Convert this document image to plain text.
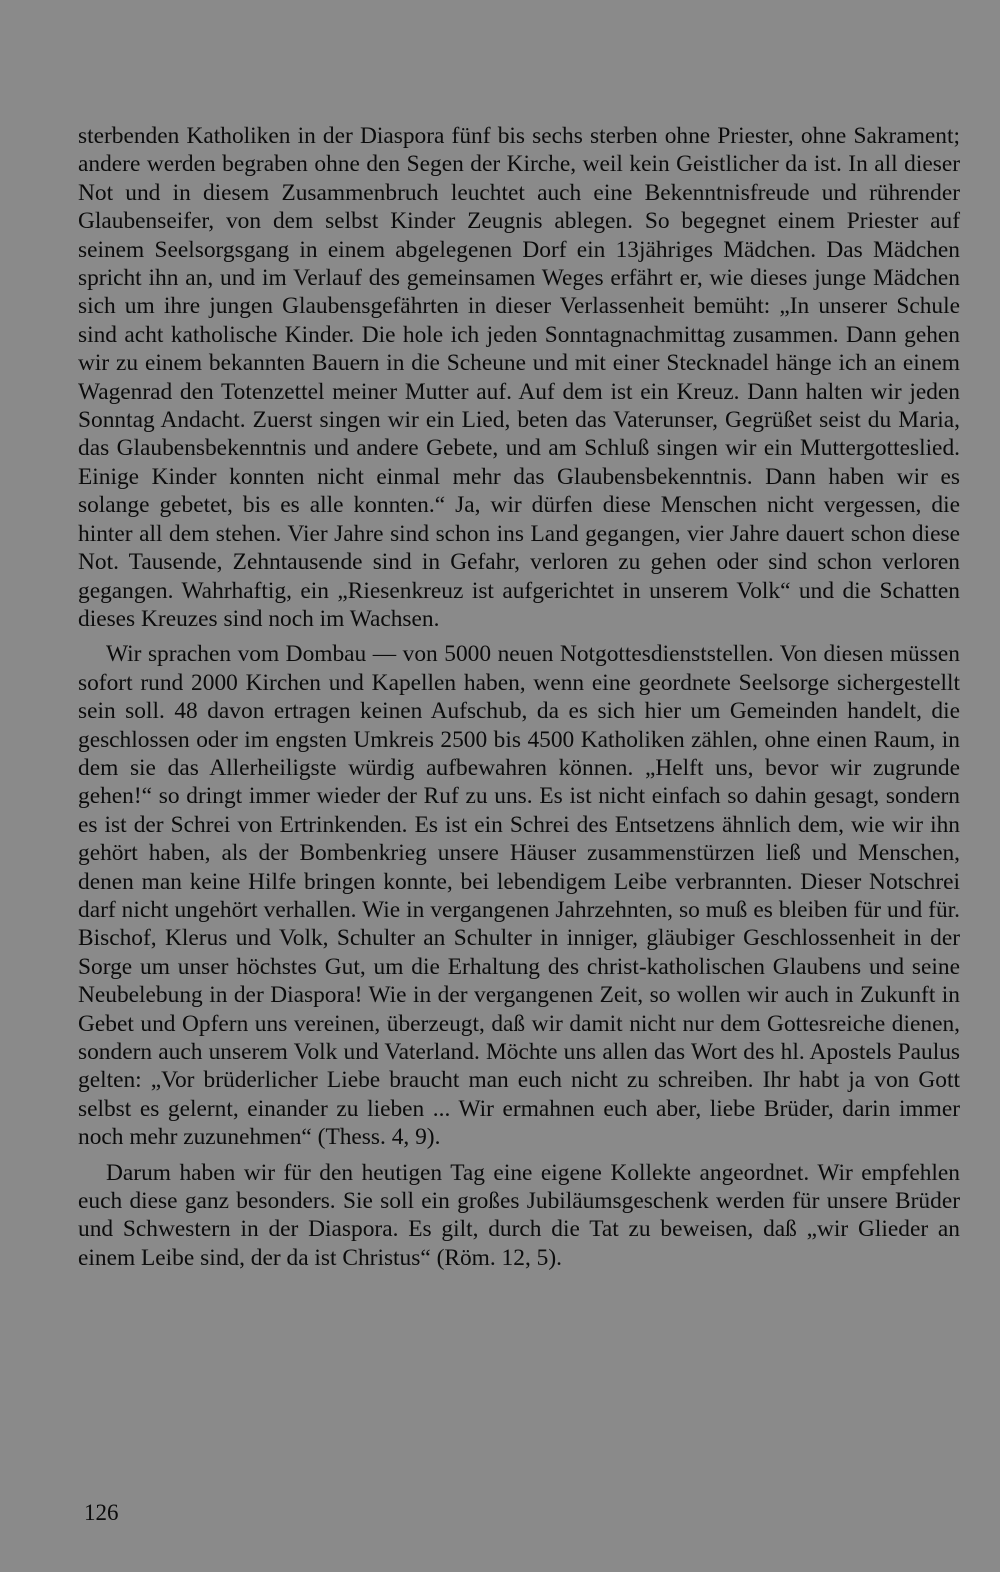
sterbenden Katholiken in der Diaspora fünf bis sechs sterben ohne Priester, ohne Sakrament; andere werden begraben ohne den Segen der Kirche, weil kein Geistlicher da ist. In all dieser Not und in diesem Zusammenbruch leuchtet auch eine Bekenntnisfreude und rührender Glaubenseifer, von dem selbst Kinder Zeugnis ablegen. So begegnet einem Priester auf seinem Seelsorgsgang in einem abgelegenen Dorf ein 13jähriges Mädchen. Das Mädchen spricht ihn an, und im Verlauf des gemeinsamen Weges erfährt er, wie dieses junge Mädchen sich um ihre jungen Glaubensgefährten in dieser Verlassenheit bemüht: „In unserer Schule sind acht katholische Kinder. Die hole ich jeden Sonntagnachmittag zusammen. Dann gehen wir zu einem bekannten Bauern in die Scheune und mit einer Stecknadel hänge ich an einem Wagenrad den Totenzettel meiner Mutter auf. Auf dem ist ein Kreuz. Dann halten wir jeden Sonntag Andacht. Zuerst singen wir ein Lied, beten das Vaterunser, Gegrüßet seist du Maria, das Glaubensbekenntnis und andere Gebete, und am Schluß singen wir ein Muttergotteslied. Einige Kinder konnten nicht einmal mehr das Glaubensbekenntnis. Dann haben wir es solange gebetet, bis es alle konnten.“ Ja, wir dürfen diese Menschen nicht vergessen, die hinter all dem stehen. Vier Jahre sind schon ins Land gegangen, vier Jahre dauert schon diese Not. Tausende, Zehntausende sind in Gefahr, verloren zu gehen oder sind schon verloren gegangen. Wahrhaftig, ein „Riesenkreuz ist aufgerichtet in unserem Volk“ und die Schatten dieses Kreuzes sind noch im Wachsen.

Wir sprachen vom Dombau — von 5000 neuen Notgottesdienststellen. Von diesen müssen sofort rund 2000 Kirchen und Kapellen haben, wenn eine geordnete Seelsorge sichergestellt sein soll. 48 davon ertragen keinen Aufschub, da es sich hier um Gemeinden handelt, die geschlossen oder im engsten Umkreis 2500 bis 4500 Katholiken zählen, ohne einen Raum, in dem sie das Allerheiligste würdig aufbewahren können. „Helft uns, bevor wir zugrunde gehen!“ so dringt immer wieder der Ruf zu uns. Es ist nicht einfach so dahin gesagt, sondern es ist der Schrei von Ertrinkenden. Es ist ein Schrei des Entsetzens ähnlich dem, wie wir ihn gehört haben, als der Bombenkrieg unsere Häuser zusammenstürzen ließ und Menschen, denen man keine Hilfe bringen konnte, bei lebendigem Leibe verbrannten. Dieser Notschrei darf nicht ungehört verhallen. Wie in vergangenen Jahrzehnten, so muß es bleiben für und für. Bischof, Klerus und Volk, Schulter an Schulter in inniger, gläubiger Geschlossenheit in der Sorge um unser höchstes Gut, um die Erhaltung des christ-katholischen Glaubens und seine Neubelebung in der Diaspora! Wie in der vergangenen Zeit, so wollen wir auch in Zukunft in Gebet und Opfern uns vereinen, überzeugt, daß wir damit nicht nur dem Gottesreiche dienen, sondern auch unserem Volk und Vaterland. Möchte uns allen das Wort des hl. Apostels Paulus gelten: „Vor brüderlicher Liebe braucht man euch nicht zu schreiben. Ihr habt ja von Gott selbst es gelernt, einander zu lieben ... Wir ermahnen euch aber, liebe Brüder, darin immer noch mehr zuzunehmen“ (Thess. 4, 9).

Darum haben wir für den heutigen Tag eine eigene Kollekte angeordnet. Wir empfehlen euch diese ganz besonders. Sie soll ein großes Jubiläumsgeschenk werden für unsere Brüder und Schwestern in der Diaspora. Es gilt, durch die Tat zu beweisen, daß „wir Glieder an einem Leibe sind, der da ist Christus“ (Röm. 12, 5).

126
